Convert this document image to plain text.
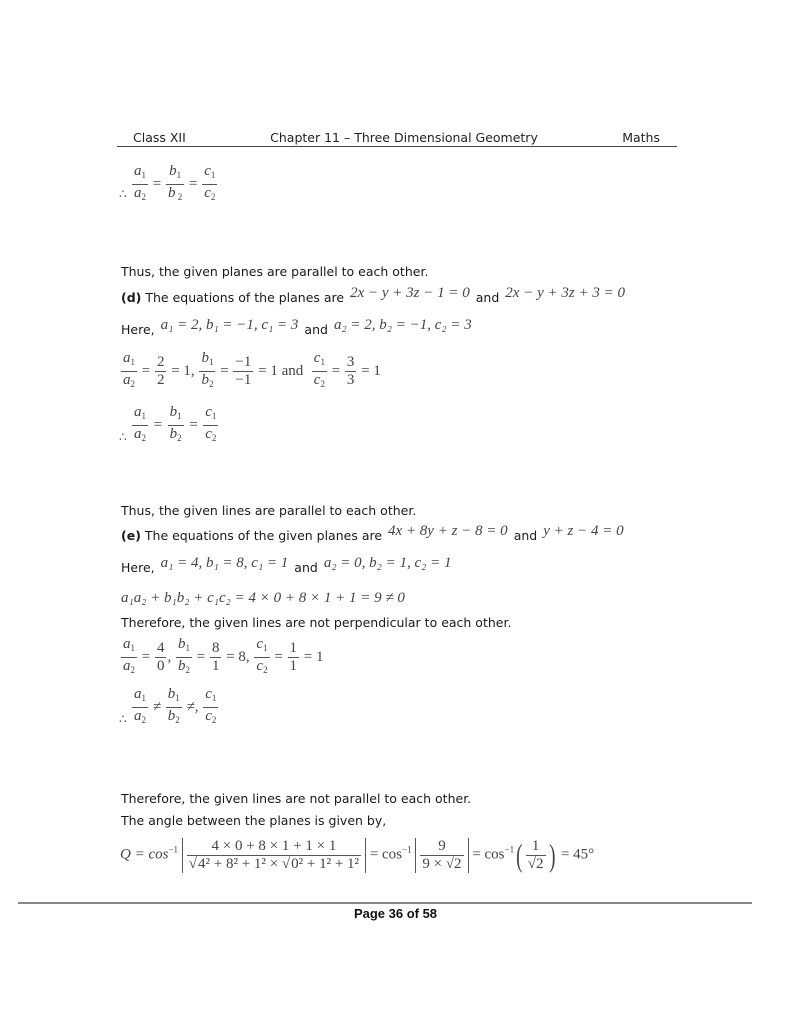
Class XII	Chapter 11 – Three Dimensional Geometry	Maths
∴ $\frac{a_1}{a_2} = \frac{b_1}{b _2} = \frac{c_1}{c_2}$
Thus, the given planes are parallel to each other.
(d) The equations of the planes are 2x − y + 3z − 1 = 0 and 2x − y + 3z + 3 = 0
Here, a₁ = 2, b₁ = −1, c₁ = 3 and a₂ = 2, b₂ = −1, c₂ = 3
$\frac{a_1}{a_2} = \frac{2}{2} = 1$, $\frac{b_1}{b_2} = \frac{-1}{-1} = 1$ and $\frac{c_1}{c_2} = \frac{3}{3} = 1$
∴ $\frac{a_1}{a_2} = \frac{b_1}{b_2} = \frac{c_1}{c_2}$
Thus, the given lines are parallel to each other.
(e) The equations of the given planes are 4x + 8y + z − 8 = 0 and y + z − 4 = 0
Here, a₁ = 4, b₁ = 8, c₁ = 1 and a₂ = 0, b₂ = 1, c₂ = 1
a₁a₂ + b₁b₂ + c₁c₂ = 4 × 0 + 8 × 1 + 1 = 9 ≠ 0
Therefore, the given lines are not perpendicular to each other.
$\frac{a_1}{a_2} = \frac{4}{0}$ , $\frac{b_1}{b_2} = \frac{8}{1} = 8$, $\frac{c_1}{c_2} = \frac{1}{1} = 1$
∴ $\frac{a_1}{a_2} \ne \frac{b_1}{b_2}$ ≠, $\frac{c_1}{c_2}$
Therefore, the given lines are not parallel to each other.
The angle between the planes is given by,
$Q = \cos^{-1} \frac{4 \times 0 + 8 \times 1 + 1 \times 1}{\text{√4² + 8² + 1² × √0² + 1² + 1²}} = \cos^{-1} \frac{9}{9 \times √2} = \cos^{-1}( \frac{1}{√2}$ ) = 45°
Page 36 of 58
